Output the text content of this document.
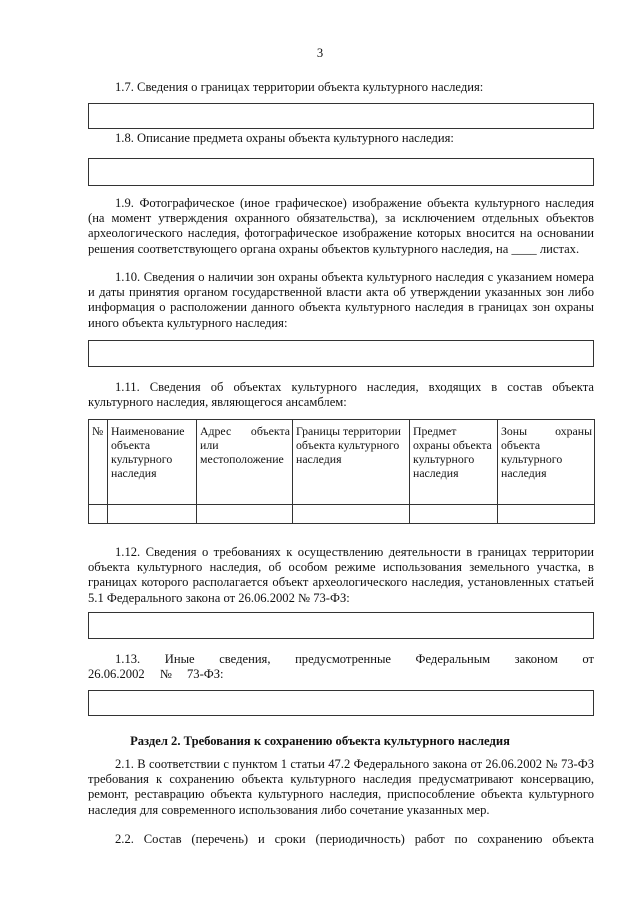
3
1.7. Сведения о границах территории объекта культурного наследия:
1.8. Описание предмета охраны объекта культурного наследия:
1.9. Фотографическое (иное графическое) изображение объекта культурного наследия (на момент утверждения охранного обязательства), за исключением отдельных объектов археологического наследия, фотографическое изображение которых вносится на основании решения соответствующего органа охраны объектов культурного наследия, на ____ листах.
1.10. Сведения о наличии зон охраны объекта культурного наследия с указанием номера и даты принятия органом государственной власти акта об утверждении указанных зон либо информация о расположении данного объекта культурного наследия в границах зон охраны иного объекта культурного наследия:
1.11. Сведения об объектах культурного наследия, входящих в состав объекта культурного наследия, являющегося ансамблем:
№	Наименование объекта культурного наследия	Адрес объекта или местоположение	Границы территории объекта культурного наследия	Предмет охраны объекта культурного наследия	Зоны охраны объекта культурного наследия

1.12. Сведения о требованиях к осуществлению деятельности в границах территории объекта культурного наследия, об особом режиме использования земельного участка, в границах которого располагается объект археологического наследия, установленных статьей 5.1 Федерального закона от 26.06.2002 № 73-ФЗ:
1.13. Иные сведения, предусмотренные Федеральным законом от 26.06.2002 № 73-ФЗ:
Раздел 2. Требования к сохранению объекта культурного наследия
2.1. В соответствии с пунктом 1 статьи 47.2 Федерального закона от 26.06.2002 № 73-ФЗ требования к сохранению объекта культурного наследия предусматривают консервацию, ремонт, реставрацию объекта культурного наследия, приспособление объекта культурного наследия для современного использования либо сочетание указанных мер.
2.2. Состав (перечень) и сроки (периодичность) работ по сохранению объекта
